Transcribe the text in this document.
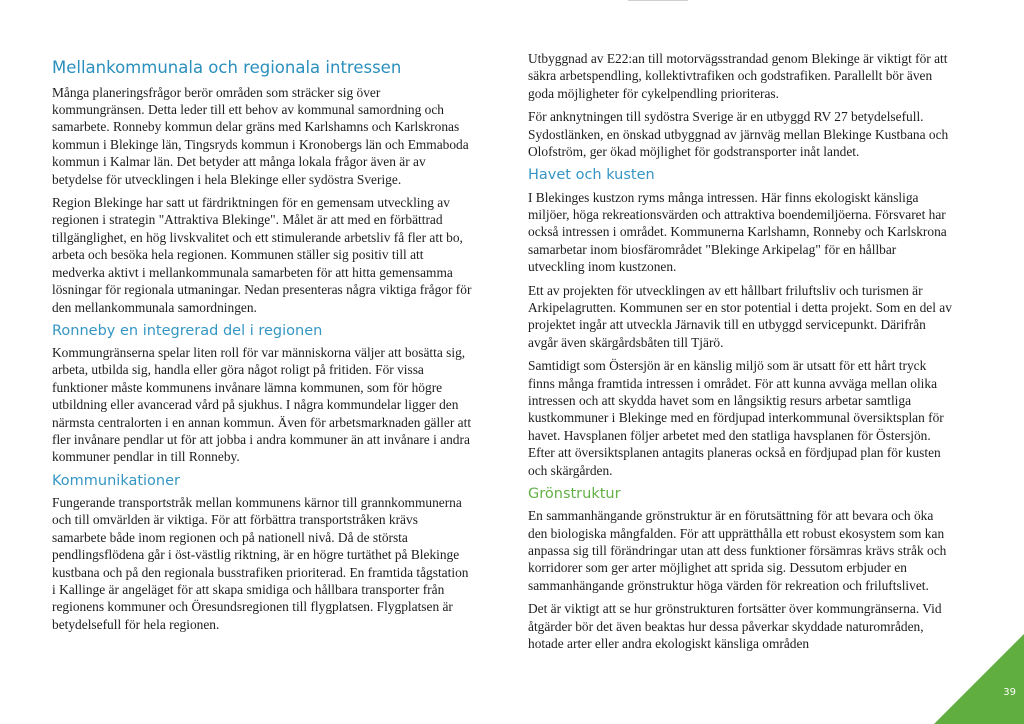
Mellankommunala och regionala intressen

Många planeringsfrågor berör områden som sträcker sig över kommungränsen. Detta leder till ett behov av kommunal samordning och samarbete. Ronneby kommun delar gräns med Karlshamns och Karlskronas kommun i Blekinge län, Tingsryds kommun i Kronobergs län och Emmaboda kommun i Kalmar län. Det betyder att många lokala frågor även är av betydelse för utvecklingen i hela Blekinge eller sydöstra Sverige.

Region Blekinge har satt ut färdriktningen för en gemensam utveckling av regionen i strategin "Attraktiva Blekinge". Målet är att med en förbättrad tillgänglighet, en hög livskvalitet och ett stimulerande arbetsliv få fler att bo, arbeta och besöka hela regionen. Kommunen ställer sig positiv till att medverka aktivt i mellankommunala samarbeten för att hitta gemensamma lösningar för regionala utmaningar. Nedan presenteras några viktiga frågor för den mellankommunala samordningen.

Ronneby en integrerad del i regionen

Kommungränserna spelar liten roll för var människorna väljer att bosätta sig, arbeta, utbilda sig, handla eller göra något roligt på fritiden. För vissa funktioner måste kommunens invånare lämna kommunen, som för högre utbildning eller avancerad vård på sjukhus. I några kommundelar ligger den närmsta centralorten i en annan kommun. Även för arbetsmarknaden gäller att fler invånare pendlar ut för att jobba i andra kommuner än att invånare i andra kommuner pendlar in till Ronneby.

Kommunikationer

Fungerande transportstråk mellan kommunens kärnor till grannkommunerna och till omvärlden är viktiga. För att förbättra transportstråken krävs samarbete både inom regionen och på nationell nivå. Då de största pendlingsflödena går i öst-västlig riktning, är en högre turtäthet på Blekinge kustbana och på den regionala busstrafiken prioriterad. En framtida tågstation i Kallinge är angeläget för att skapa smidiga och hållbara transporter från regionens kommuner och Öresundsregionen till flygplatsen. Flygplatsen är betydelsefull för hela regionen.

Utbyggnad av E22:an till motorvägsstrandad genom Blekinge är viktigt för att säkra arbetspendling, kollektivtrafiken och godstrafiken. Parallellt bör även goda möjligheter för cykelpendling prioriteras.

För anknytningen till sydöstra Sverige är en utbyggd RV 27 betydelsefull. Sydostlänken, en önskad utbyggnad av järnväg mellan Blekinge Kustbana och Olofström, ger ökad möjlighet för godstransporter inåt landet.

Havet och kusten

I Blekinges kustzon ryms många intressen. Här finns ekologiskt känsliga miljöer, höga rekreationsvärden och attraktiva boendemiljöerna. Försvaret har också intressen i området. Kommunerna Karlshamn, Ronneby och Karlskrona samarbetar inom biosfärområdet "Blekinge Arkipelag" för en hållbar utveckling inom kustzonen.

Ett av projekten för utvecklingen av ett hållbart friluftsliv och turismen är Arkipelagrutten. Kommunen ser en stor potential i detta projekt. Som en del av projektet ingår att utveckla Järnavik till en utbyggd servicepunkt. Därifrån avgår även skärgårdsbåten till Tjärö.

Samtidigt som Östersjön är en känslig miljö som är utsatt för ett hårt tryck finns många framtida intressen i området. För att kunna avväga mellan olika intressen och att skydda havet som en långsiktig resurs arbetar samtliga kustkommuner i Blekinge med en fördjupad interkommunal översiktsplan för havet. Havsplanen följer arbetet med den statliga havsplanen för Östersjön. Efter att översiktsplanen antagits planeras också en fördjupad plan för kusten och skärgården.

Grönstruktur

En sammanhängande grönstruktur är en förutsättning för att bevara och öka den biologiska mångfalden. För att upprätthålla ett robust ekosystem som kan anpassa sig till förändringar utan att dess funktioner försämras krävs stråk och korridorer som ger arter möjlighet att sprida sig. Dessutom erbjuder en sammanhängande grönstruktur höga värden för rekreation och friluftslivet.

Det är viktigt att se hur grönstrukturen fortsätter över kommungränserna. Vid åtgärder bör det även beaktas hur dessa påverkar skyddade naturområden, hotade arter eller andra ekologiskt känsliga områden

39
